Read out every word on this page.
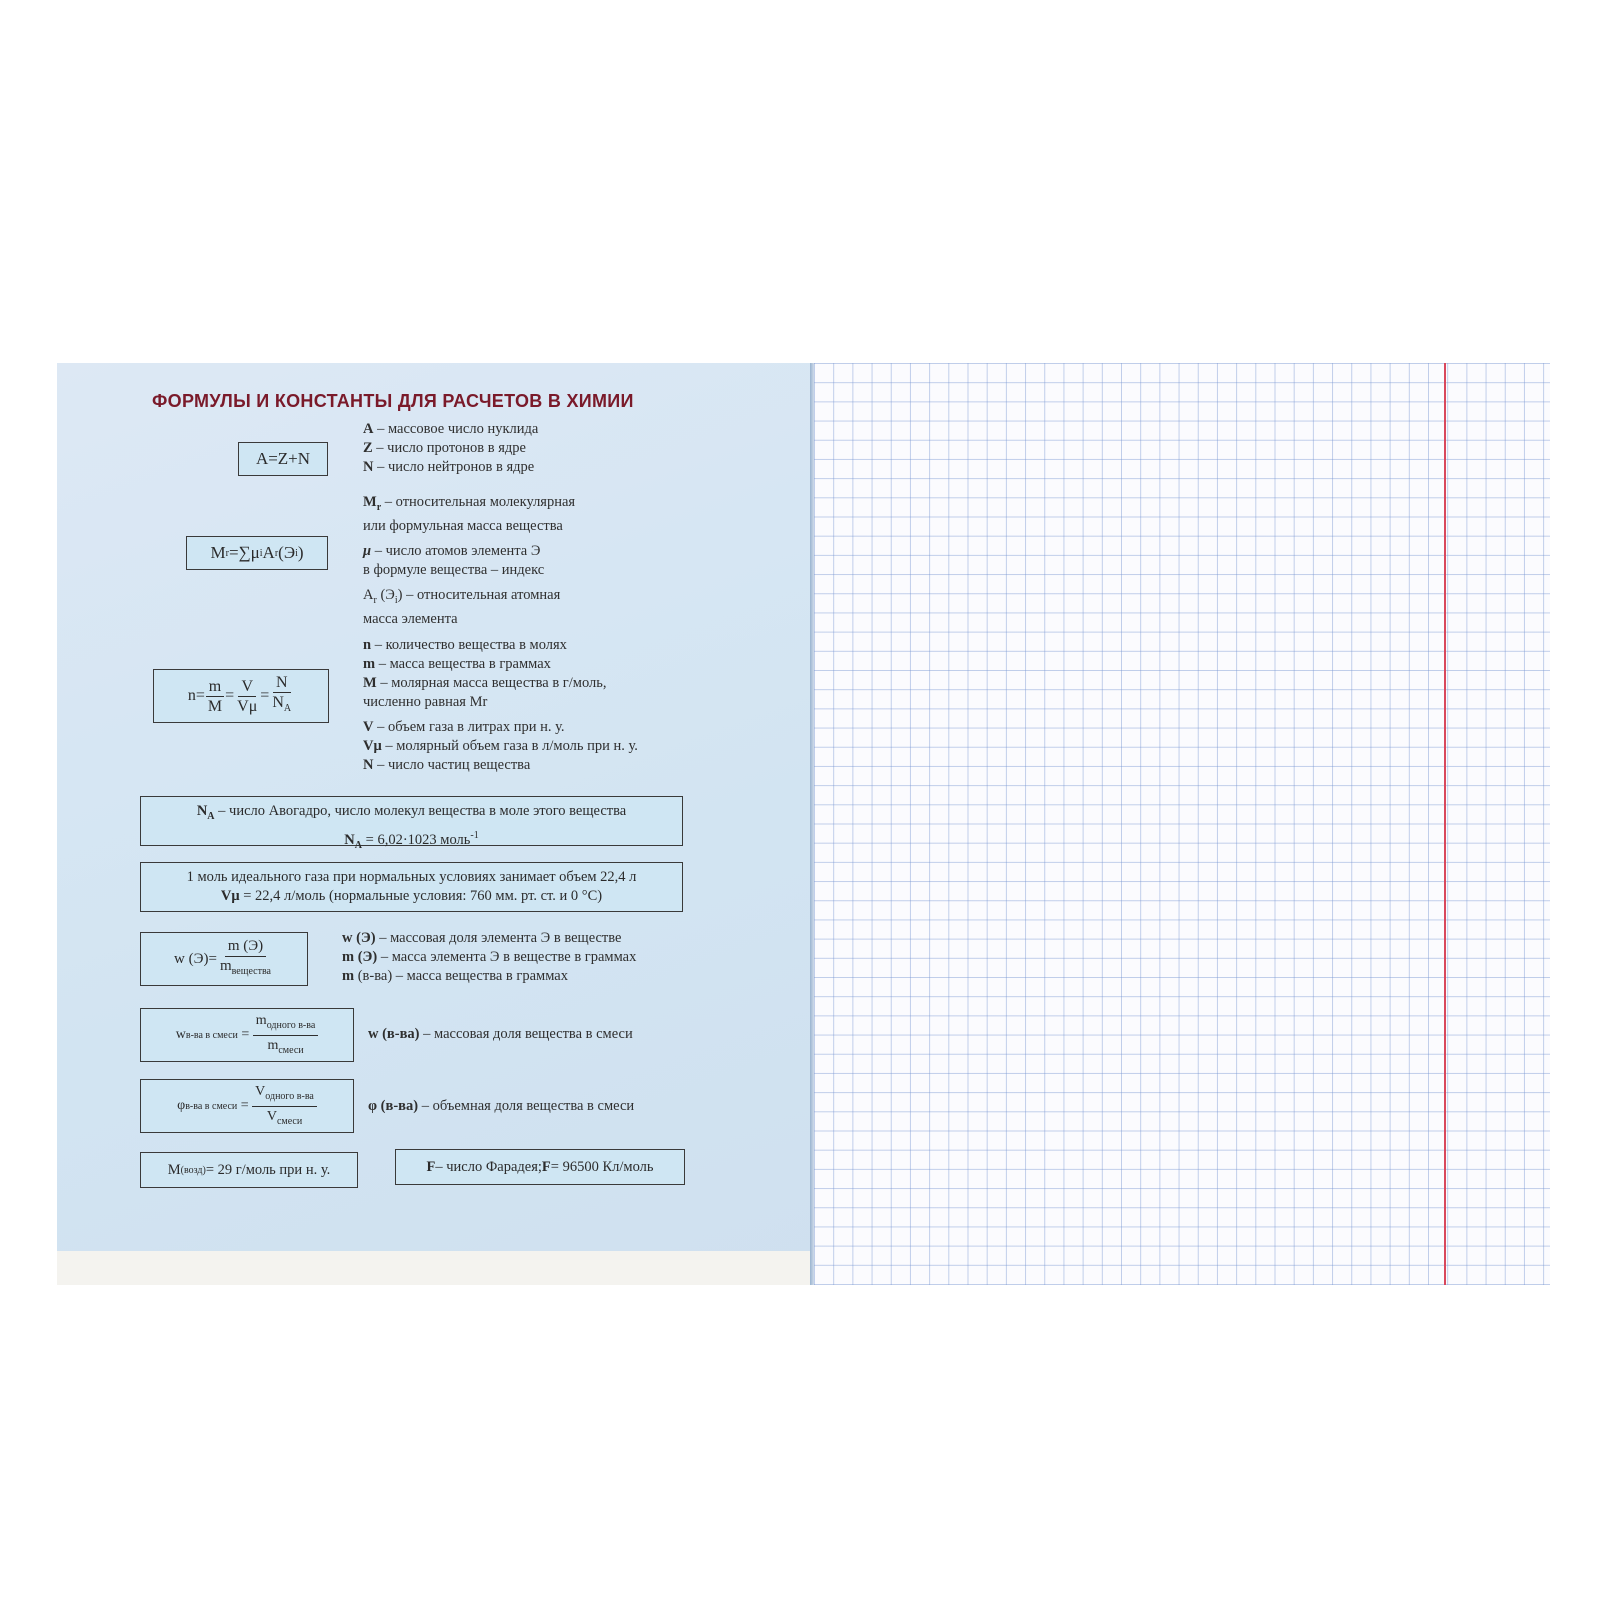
ФОРМУЛЫ И КОНСТАНТЫ ДЛЯ РАСЧЕТОВ В ХИМИИ
A=Z+N
A – массовое число нуклида
Z – число протонов в ядре
N – число нейтронов в ядре
M r =∑μ i A r (Э i )
$M_r$ – относительная молекулярная
или формульная масса вещества
μ – число атомов элемента Э
в формуле вещества – индекс
$A_r$ $(Э_i)$ – относительная атомная
масса элемента
$n= \frac{m}{M} = \frac{V}{V\mu} = \frac{N}{N_A}$
n – количество вещества в молях
m – масса вещества в граммах
M – молярная масса вещества в г/моль,
численно равная Mr
V – объем газа в литрах при н. у.
Vμ – молярный объем газа в л/моль при н. у.
N – число частиц вещества
$N_A$ – число Авогадро, число молекул вещества в моле этого вещества
$N_A = 6,02\cdot 1023$ моль$^{-1}$
1 моль идеального газа при нормальных условиях занимает объем 22,4 л
Vμ = 22,4 л/моль (нормальные условия: 760 мм. рт. ст. и 0 °С)
w $(Э)= \frac{m (Э)}{m_{вещества}}$	w (Э) – массовая доля элемента Э в веществе
m (Э) – масса элемента Э в веществе в граммах
m (в-ва) – масса вещества в граммах
w в-ва в смеси
=
$\frac{m_{одного в-ва}}{m_{смеси}}$	w (в-ва) – массовая доля вещества в смеси
φ в-ва в смеси
=
$\frac{V_{одного в-ва}}{V_{смеси}}$	φ (в-ва) – объемная доля вещества в смеси
M (возд) = 29 г/моль при н. у.	F – число Фарадея; F = 96500 Кл/моль
